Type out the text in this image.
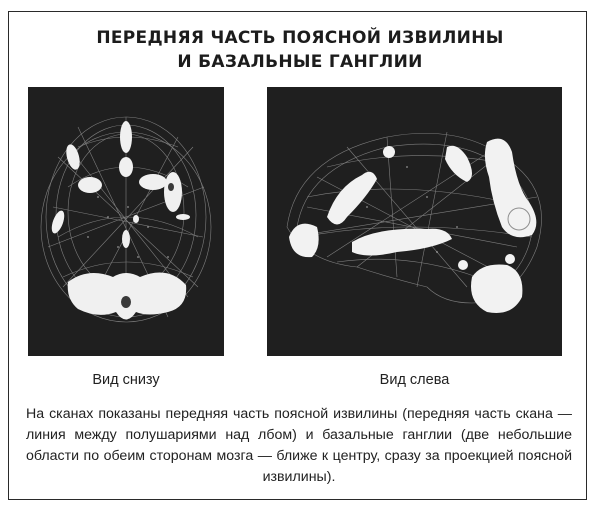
ПЕРЕДНЯЯ ЧАСТЬ ПОЯСНОЙ ИЗВИЛИНЫ
И БАЗАЛЬНЫЕ ГАНГЛИИ
Вид снизу	Вид слева
На сканах показаны передняя часть поясной извилины (передняя часть скана — линия между полушариями над лбом) и базальные ганглии (две небольшие области по обеим сторонам мозга — ближе к центру, сразу за проекцией поясной извилины).
